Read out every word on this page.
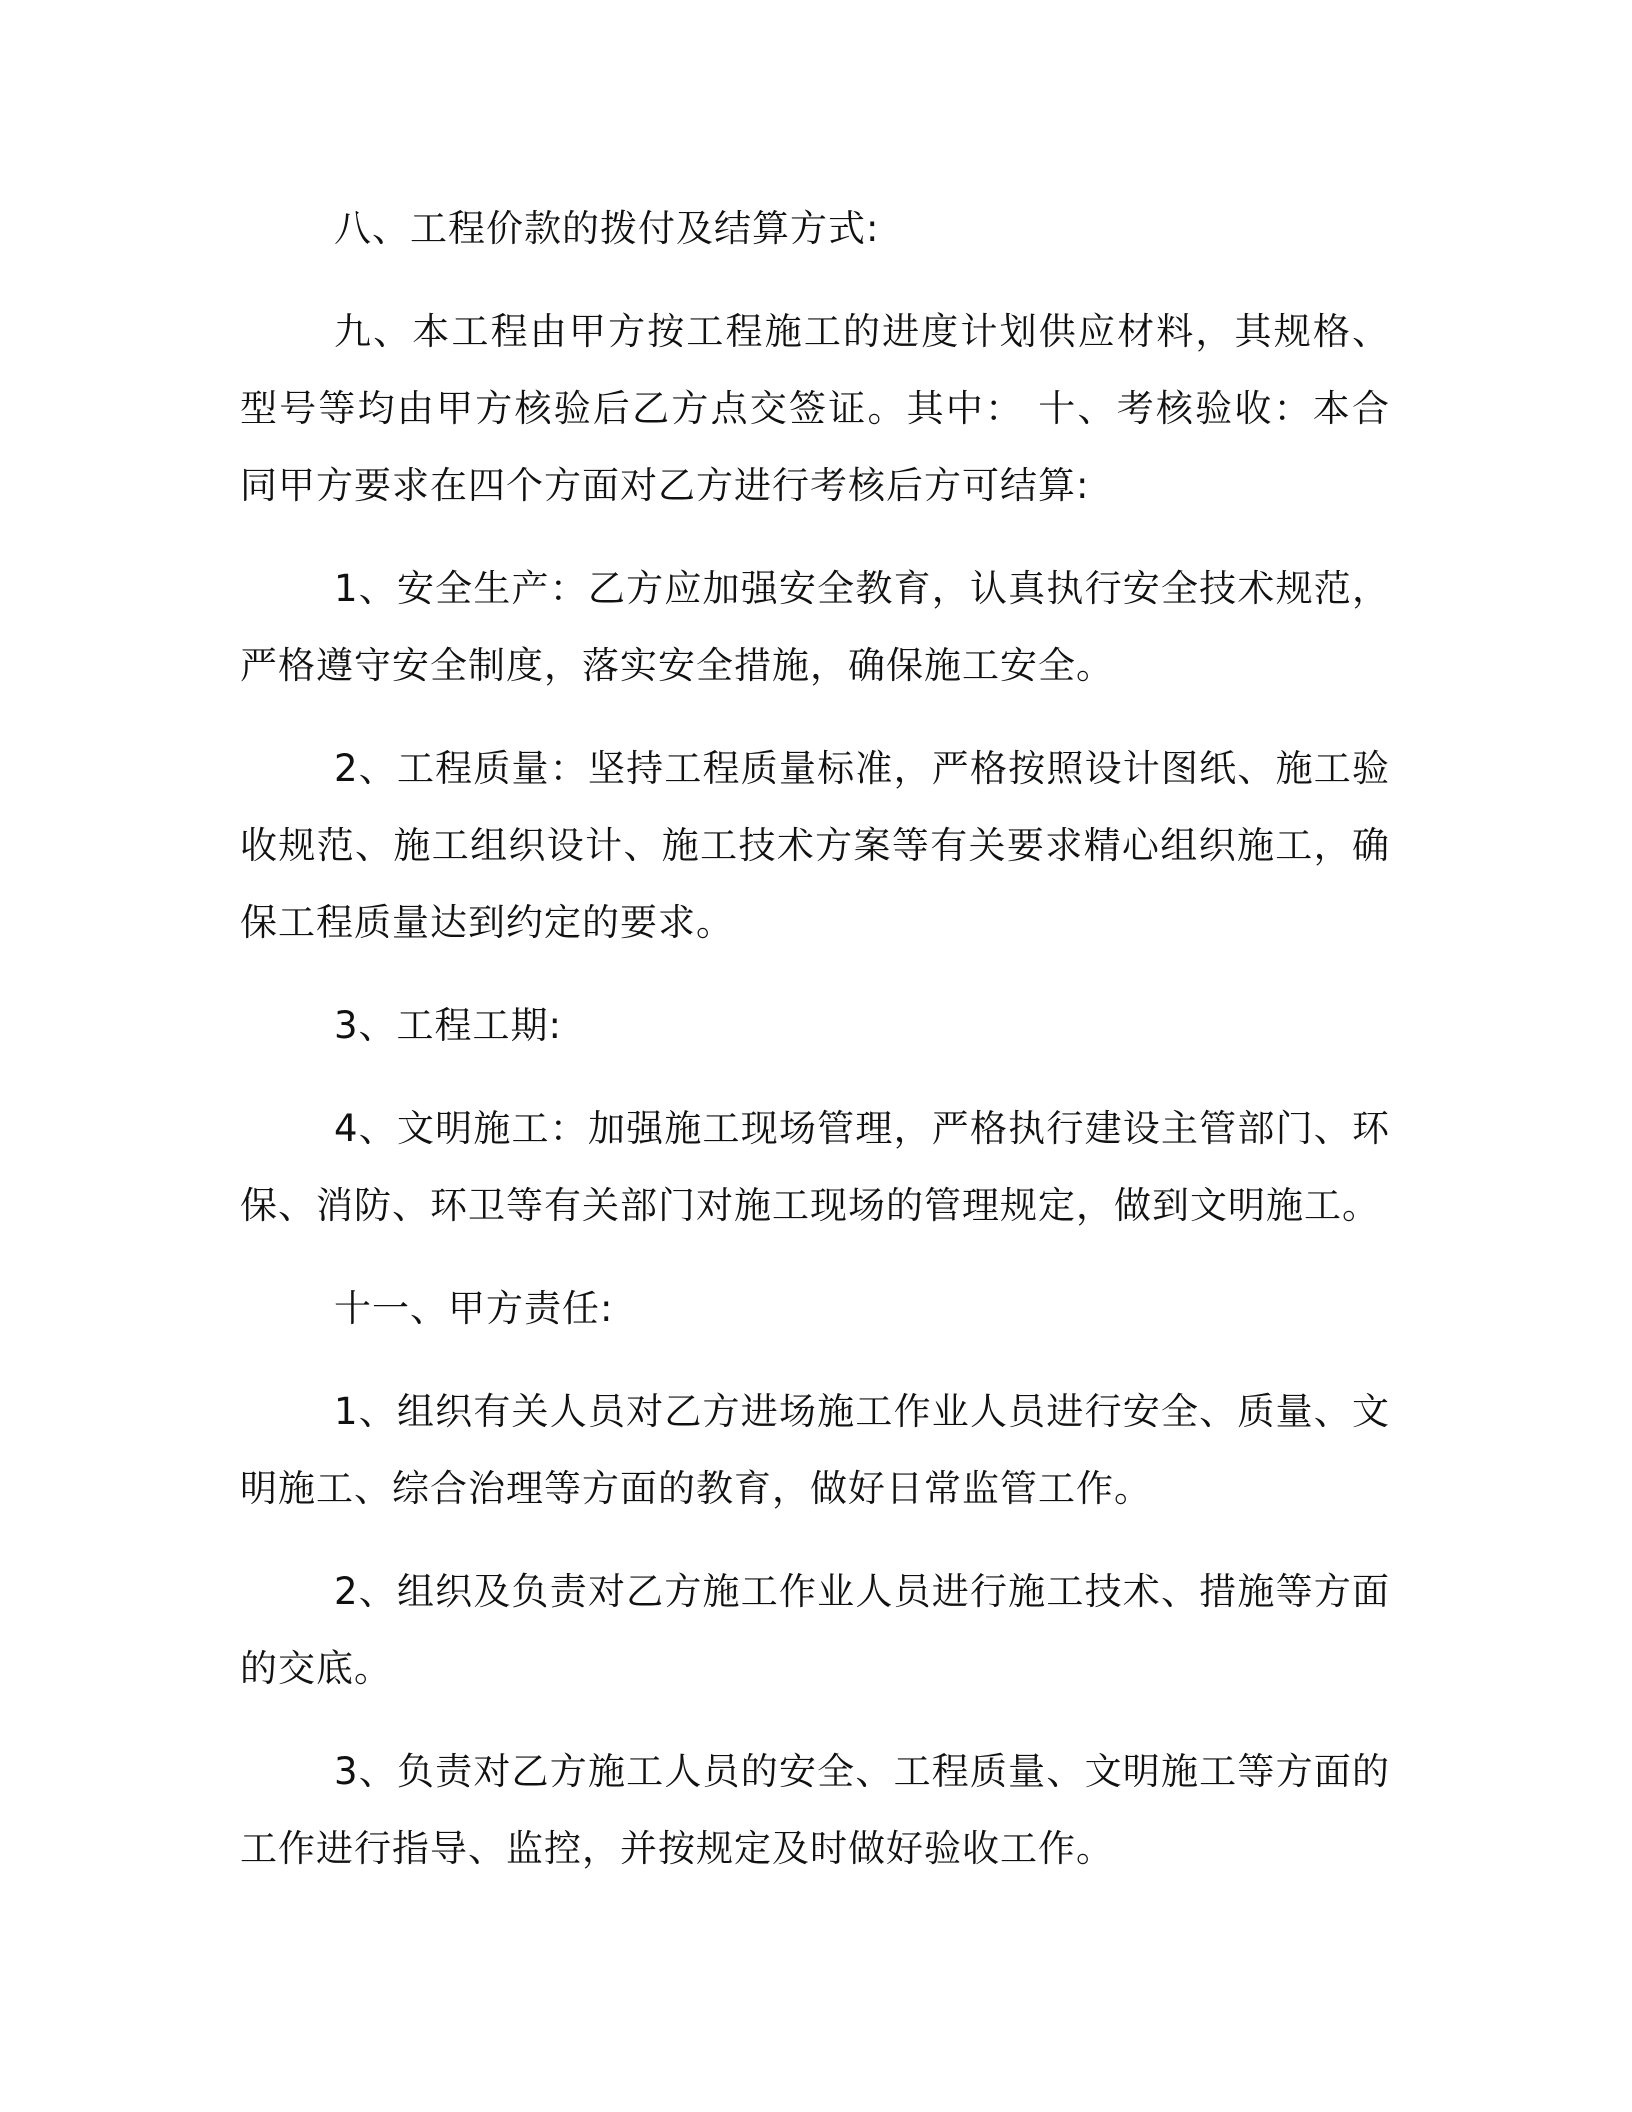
八、工程价款的拨付及结算方式:

九、本工程由甲方按工程施工的进度计划供应材料，其规格、型号等均由甲方核验后乙方点交签证。其中： 十、考核验收：本合同甲方要求在四个方面对乙方进行考核后方可结算:

1、安全生产：乙方应加强安全教育，认真执行安全技术规范，严格遵守安全制度，落实安全措施，确保施工安全。

2、工程质量：坚持工程质量标准，严格按照设计图纸、施工验收规范、施工组织设计、施工技术方案等有关要求精心组织施工，确保工程质量达到约定的要求。

3、工程工期:

4、文明施工：加强施工现场管理，严格执行建设主管部门、环保、消防、环卫等有关部门对施工现场的管理规定，做到文明施工。

十一、甲方责任:

1、组织有关人员对乙方进场施工作业人员进行安全、质量、文明施工、综合治理等方面的教育，做好日常监管工作。

2、组织及负责对乙方施工作业人员进行施工技术、措施等方面的交底。

3、负责对乙方施工人员的安全、工程质量、文明施工等方面的工作进行指导、监控，并按规定及时做好验收工作。
